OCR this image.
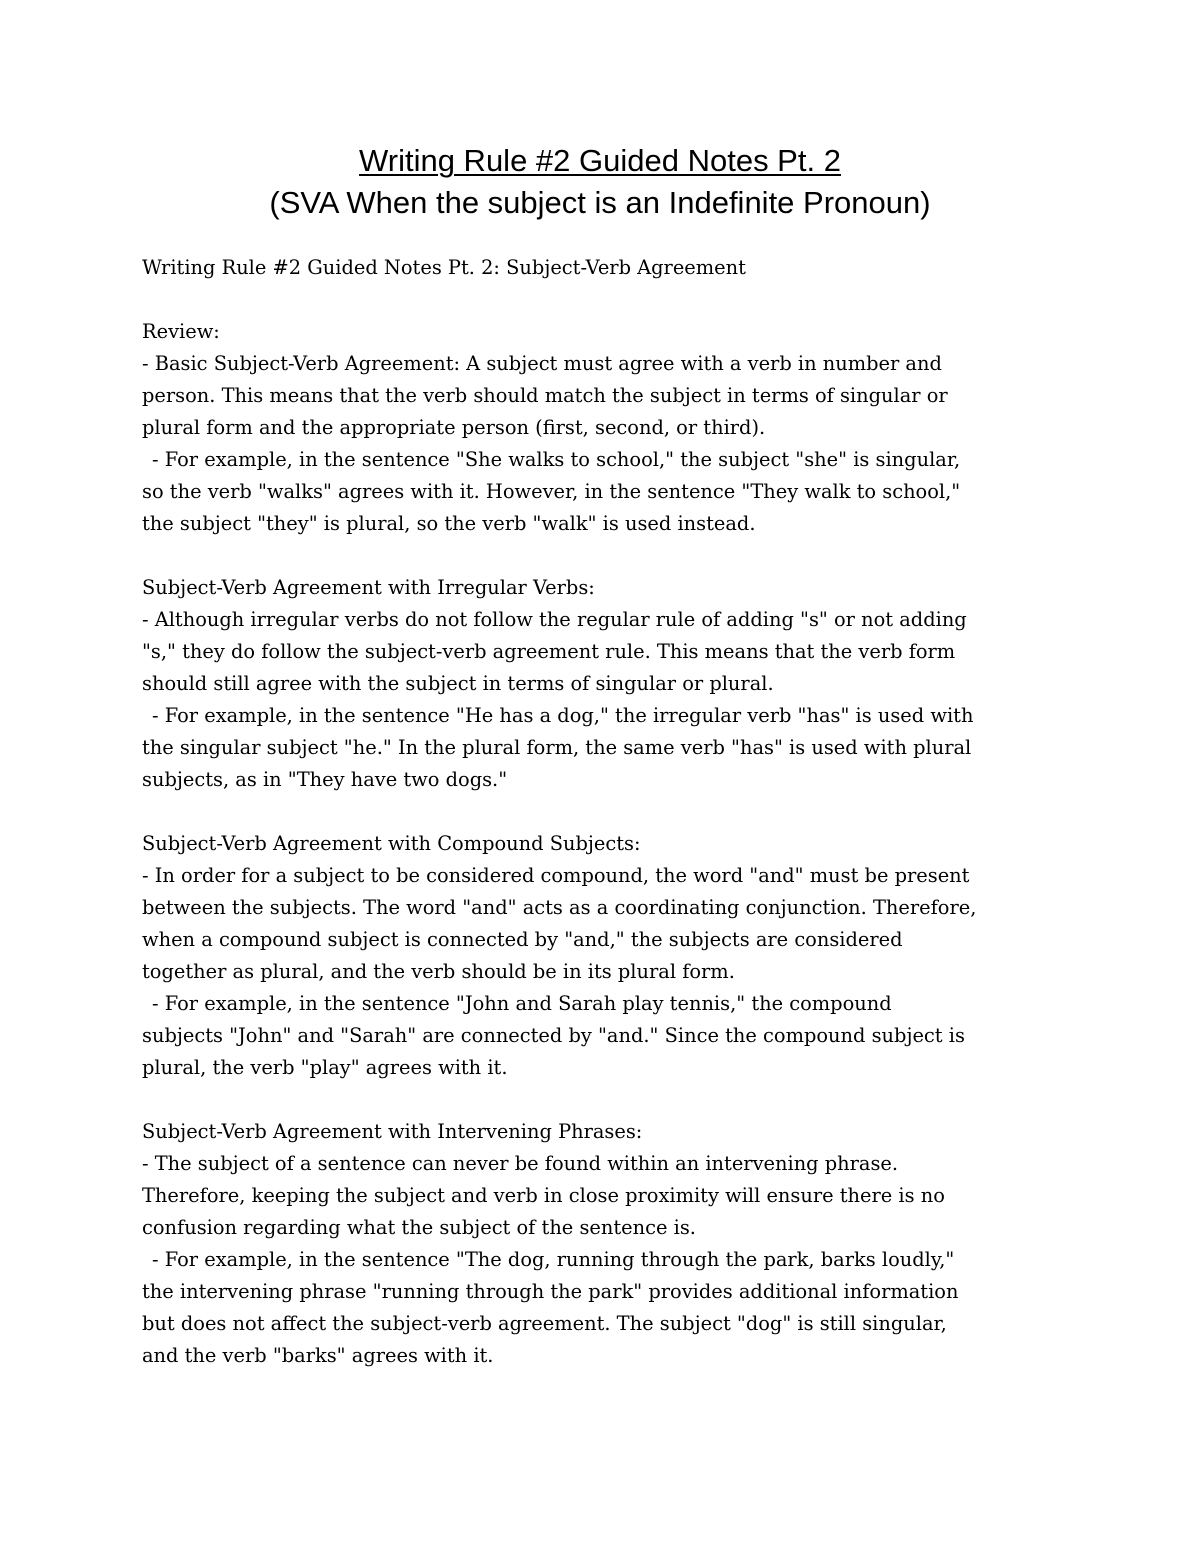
Writing Rule #2 Guided Notes Pt. 2
(SVA When the subject is an Indefinite Pronoun)
Writing Rule #2 Guided Notes Pt. 2: Subject-Verb Agreement
Review:
- Basic Subject-Verb Agreement: A subject must agree with a verb in number and
person. This means that the verb should match the subject in terms of singular or
plural form and the appropriate person (first, second, or third).
- For example, in the sentence "She walks to school," the subject "she" is singular,
so the verb "walks" agrees with it. However, in the sentence "They walk to school,"
the subject "they" is plural, so the verb "walk" is used instead.
Subject-Verb Agreement with Irregular Verbs:
- Although irregular verbs do not follow the regular rule of adding "s" or not adding
"s," they do follow the subject-verb agreement rule. This means that the verb form
should still agree with the subject in terms of singular or plural.
- For example, in the sentence "He has a dog," the irregular verb "has" is used with
the singular subject "he." In the plural form, the same verb "has" is used with plural
subjects, as in "They have two dogs."
Subject-Verb Agreement with Compound Subjects:
- In order for a subject to be considered compound, the word "and" must be present
between the subjects. The word "and" acts as a coordinating conjunction. Therefore,
when a compound subject is connected by "and," the subjects are considered
together as plural, and the verb should be in its plural form.
- For example, in the sentence "John and Sarah play tennis," the compound
subjects "John" and "Sarah" are connected by "and." Since the compound subject is
plural, the verb "play" agrees with it.
Subject-Verb Agreement with Intervening Phrases:
- The subject of a sentence can never be found within an intervening phrase.
Therefore, keeping the subject and verb in close proximity will ensure there is no
confusion regarding what the subject of the sentence is.
- For example, in the sentence "The dog, running through the park, barks loudly,"
the intervening phrase "running through the park" provides additional information
but does not affect the subject-verb agreement. The subject "dog" is still singular,
and the verb "barks" agrees with it.
